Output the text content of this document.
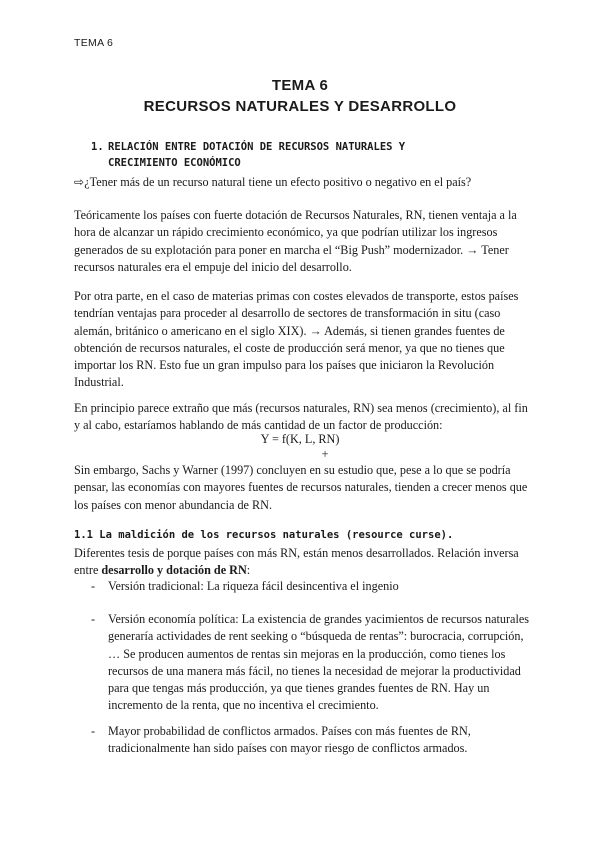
TEMA 6
TEMA 6
RECURSOS NATURALES Y DESARROLLO
1. RELACIÓN ENTRE DOTACIÓN DE RECURSOS NATURALES Y
CRECIMIENTO ECONÓMICO
⇨¿Tener más de un recurso natural tiene un efecto positivo o negativo en el país?
Teóricamente los países con fuerte dotación de Recursos Naturales, RN, tienen ventaja a la
hora de alcanzar un rápido crecimiento económico, ya que podrían utilizar los ingresos
generados de su explotación para poner en marcha el “Big Push” modernizador. → Tener
recursos naturales era el empuje del inicio del desarrollo.
Por otra parte, en el caso de materias primas con costes elevados de transporte, estos países
tendrían ventajas para proceder al desarrollo de sectores de transformación in situ (caso
alemán, británico o americano en el siglo XIX). → Además, si tienen grandes fuentes de
obtención de recursos naturales, el coste de producción será menor, ya que no tienes que
importar los RN. Esto fue un gran impulso para los países que iniciaron la Revolución
Industrial.
En principio parece extraño que más (recursos naturales, RN) sea menos (crecimiento), al fin
y al cabo, estaríamos hablando de más cantidad de un factor de producción:
Y = f(K, L, RN)
+
Sin embargo, Sachs y Warner (1997) concluyen en su estudio que, pese a lo que se podría
pensar, las economías con mayores fuentes de recursos naturales, tienden a crecer menos que
los países con menor abundancia de RN.
1.1 La maldición de los recursos naturales (resource curse).
Diferentes tesis de porque países con más RN, están menos desarrollados. Relación inversa
entre desarrollo y dotación de RN:
- Versión tradicional: La riqueza fácil desincentiva el ingenio
- Versión economía política: La existencia de grandes yacimientos de recursos naturales
generaría actividades de rent seeking o “búsqueda de rentas”: burocracia, corrupción,
… Se producen aumentos de rentas sin mejoras en la producción, como tienes los
recursos de una manera más fácil, no tienes la necesidad de mejorar la productividad
para que tengas más producción, ya que tienes grandes fuentes de RN. Hay un
incremento de la renta, que no incentiva el crecimiento.
- Mayor probabilidad de conflictos armados. Países con más fuentes de RN,
tradicionalmente han sido países con mayor riesgo de conflictos armados.
